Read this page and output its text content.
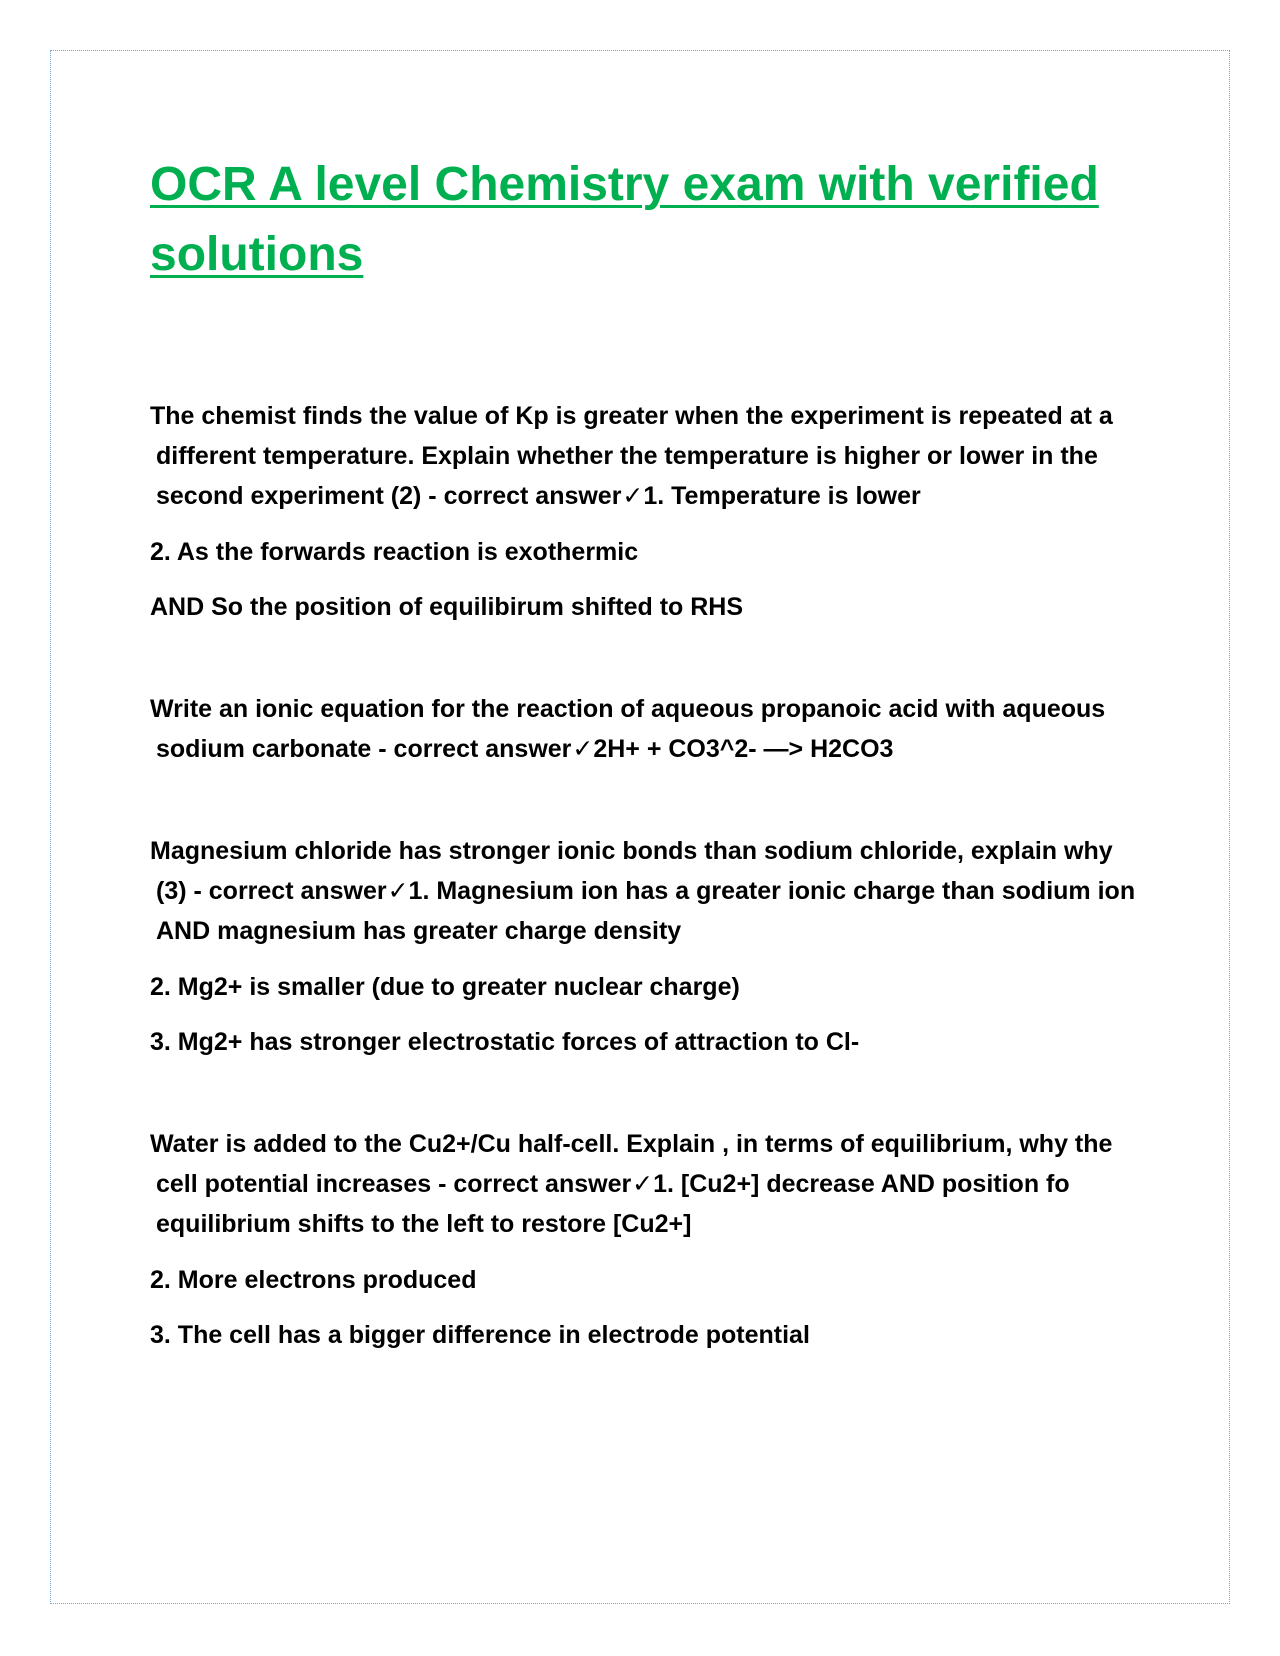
OCR A level Chemistry exam with verified solutions

The chemist finds the value of Kp is greater when the experiment is repeated at a different temperature. Explain whether the temperature is higher or lower in the second experiment (2) - correct answer ✓1. Temperature is lower

2. As the forwards reaction is exothermic

AND So the position of equilibirum shifted to RHS

Write an ionic equation for the reaction of aqueous propanoic acid with aqueous sodium carbonate - correct answer ✓2H+ + CO3^2- —> H2CO3

Magnesium chloride has stronger ionic bonds than sodium chloride, explain why (3) - correct answer ✓1. Magnesium ion has a greater ionic charge than sodium ion AND magnesium has greater charge density

2. Mg2+ is smaller (due to greater nuclear charge)

3. Mg2+ has stronger electrostatic forces of attraction to Cl-

Water is added to the Cu2+/Cu half-cell. Explain , in terms of equilibrium, why the cell potential increases - correct answer ✓1. [Cu2+] decrease AND position fo equilibrium shifts to the left to restore [Cu2+]

2. More electrons produced

3. The cell has a bigger difference in electrode potential
